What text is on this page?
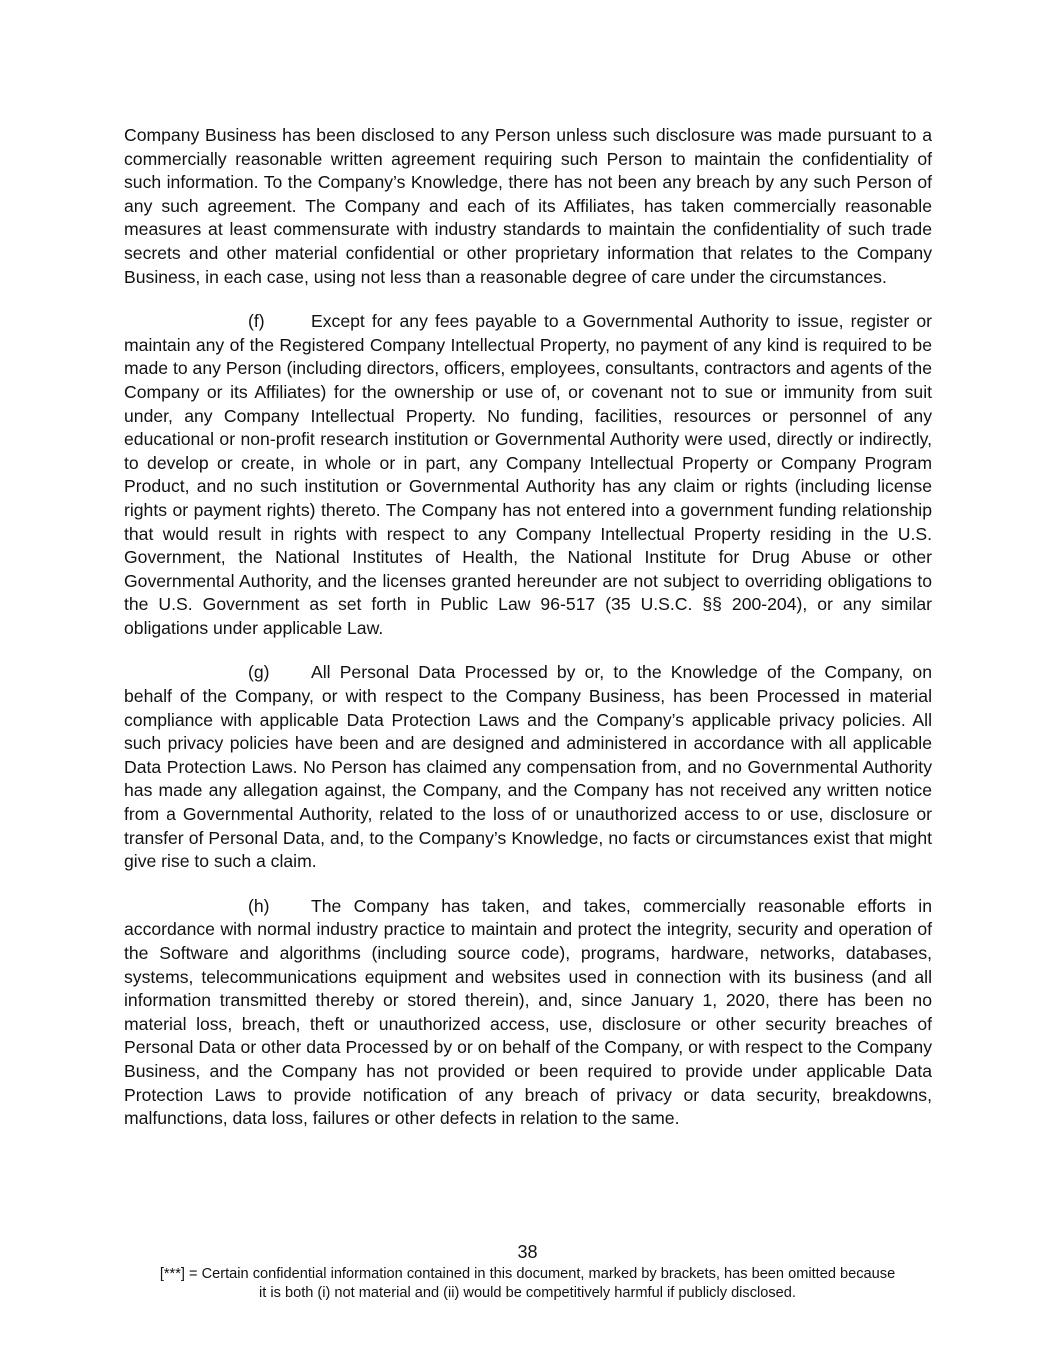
Company Business has been disclosed to any Person unless such disclosure was made pursuant to a commercially reasonable written agreement requiring such Person to maintain the confidentiality of such information. To the Company’s Knowledge, there has not been any breach by any such Person of any such agreement. The Company and each of its Affiliates, has taken commercially reasonable measures at least commensurate with industry standards to maintain the confidentiality of such trade secrets and other material confidential or other proprietary information that relates to the Company Business, in each case, using not less than a reasonable degree of care under the circumstances.

(f)	Except for any fees payable to a Governmental Authority to issue, register or maintain any of the Registered Company Intellectual Property, no payment of any kind is required to be made to any Person (including directors, officers, employees, consultants, contractors and agents of the Company or its Affiliates) for the ownership or use of, or covenant not to sue or immunity from suit under, any Company Intellectual Property. No funding, facilities, resources or personnel of any educational or non-profit research institution or Governmental Authority were used, directly or indirectly, to develop or create, in whole or in part, any Company Intellectual Property or Company Program Product, and no such institution or Governmental Authority has any claim or rights (including license rights or payment rights) thereto. The Company has not entered into a government funding relationship that would result in rights with respect to any Company Intellectual Property residing in the U.S. Government, the National Institutes of Health, the National Institute for Drug Abuse or other Governmental Authority, and the licenses granted hereunder are not subject to overriding obligations to the U.S. Government as set forth in Public Law 96-517 (35 U.S.C. §§ 200-204), or any similar obligations under applicable Law.

(g) All Personal Data Processed by or, to the Knowledge of the Company, on behalf of the Company, or with respect to the Company Business, has been Processed in material compliance with applicable Data Protection Laws and the Company’s applicable privacy policies. All such privacy policies have been and are designed and administered in accordance with all applicable Data Protection Laws. No Person has claimed any compensation from, and no Governmental Authority has made any allegation against, the Company, and the Company has not received any written notice from a Governmental Authority, related to the loss of or unauthorized access to or use, disclosure or transfer of Personal Data, and, to the Company’s Knowledge, no facts or circumstances exist that might give rise to such a claim.

(h) The Company has taken, and takes, commercially reasonable efforts in accordance with normal industry practice to maintain and protect the integrity, security and operation of the Software and algorithms (including source code), programs, hardware, networks, databases, systems, telecommunications equipment and websites used in connection with its business (and all information transmitted thereby or stored therein), and, since January 1, 2020, there has been no material loss, breach, theft or unauthorized access, use, disclosure or other security breaches of Personal Data or other data Processed by or on behalf of the Company, or with respect to the Company Business, and the Company has not provided or been required to provide under applicable Data Protection Laws to provide notification of any breach of privacy or data security, breakdowns, malfunctions, data loss, failures or other defects in relation to the same.

38
[***] = Certain confidential information contained in this document, marked by brackets, has been omitted because
it is both (i) not material and (ii) would be competitively harmful if publicly disclosed.
